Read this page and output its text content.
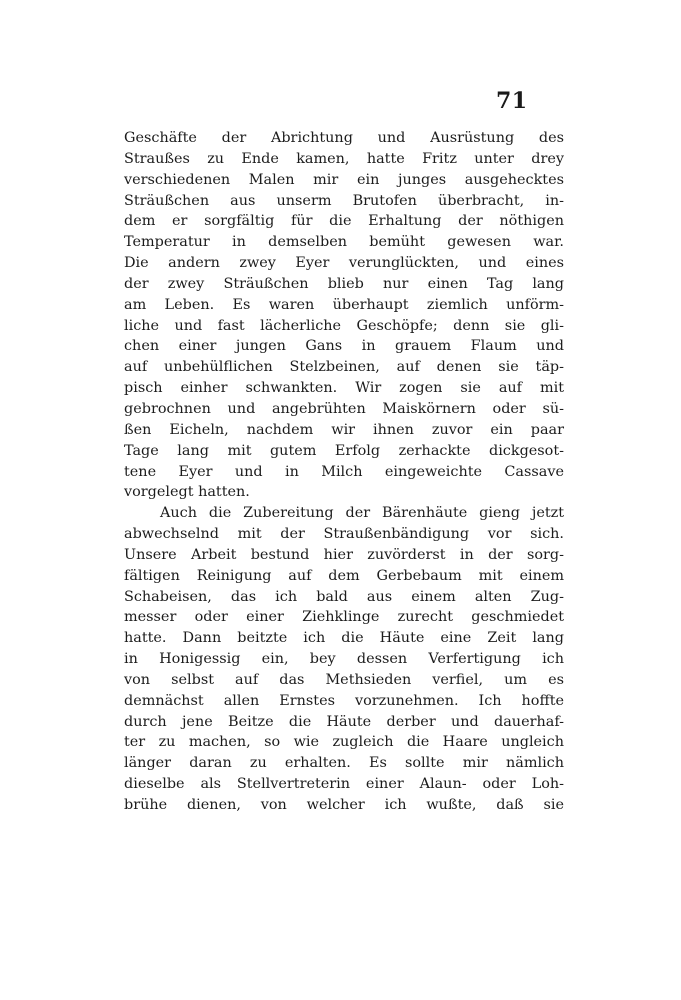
71
Geschäfte der Abrichtung und Ausrüstung des
Straußes zu Ende kamen, hatte Fritz unter drey
verschiedenen Malen mir ein junges ausgehecktes
Sträußchen aus unserm Brutofen überbracht, in-
dem er sorgfältig für die Erhaltung der nöthigen
Temperatur in demselben bemüht gewesen war.
Die andern zwey Eyer verunglückten, und eines
der zwey Sträußchen blieb nur einen Tag lang
am Leben. Es waren überhaupt ziemlich unförm-
liche und fast lächerliche Geschöpfe; denn sie gli-
chen einer jungen Gans in grauem Flaum und
auf unbehülflichen Stelzbeinen, auf denen sie täp-
pisch einher schwankten. Wir zogen sie auf mit
gebrochnen und angebrühten Maiskörnern oder sü-
ßen Eicheln, nachdem wir ihnen zuvor ein paar
Tage lang mit gutem Erfolg zerhackte dickgesot-
tene Eyer und in Milch eingeweichte Cassave
vorgelegt hatten.
Auch die Zubereitung der Bärenhäute gieng jetzt
abwechselnd mit der Straußenbändigung vor sich.
Unsere Arbeit bestund hier zuvörderst in der sorg-
fältigen Reinigung auf dem Gerbebaum mit einem
Schabeisen, das ich bald aus einem alten Zug-
messer oder einer Ziehklinge zurecht geschmiedet
hatte. Dann beitzte ich die Häute eine Zeit lang
in Honigessig ein, bey dessen Verfertigung ich
von selbst auf das Methsieden verfiel, um es
demnächst allen Ernstes vorzunehmen. Ich hoffte
durch jene Beitze die Häute derber und dauerhaf-
ter zu machen, so wie zugleich die Haare ungleich
länger daran zu erhalten. Es sollte mir nämlich
dieselbe als Stellvertreterin einer Alaun- oder Loh-
brühe dienen, von welcher ich wußte, daß sie
